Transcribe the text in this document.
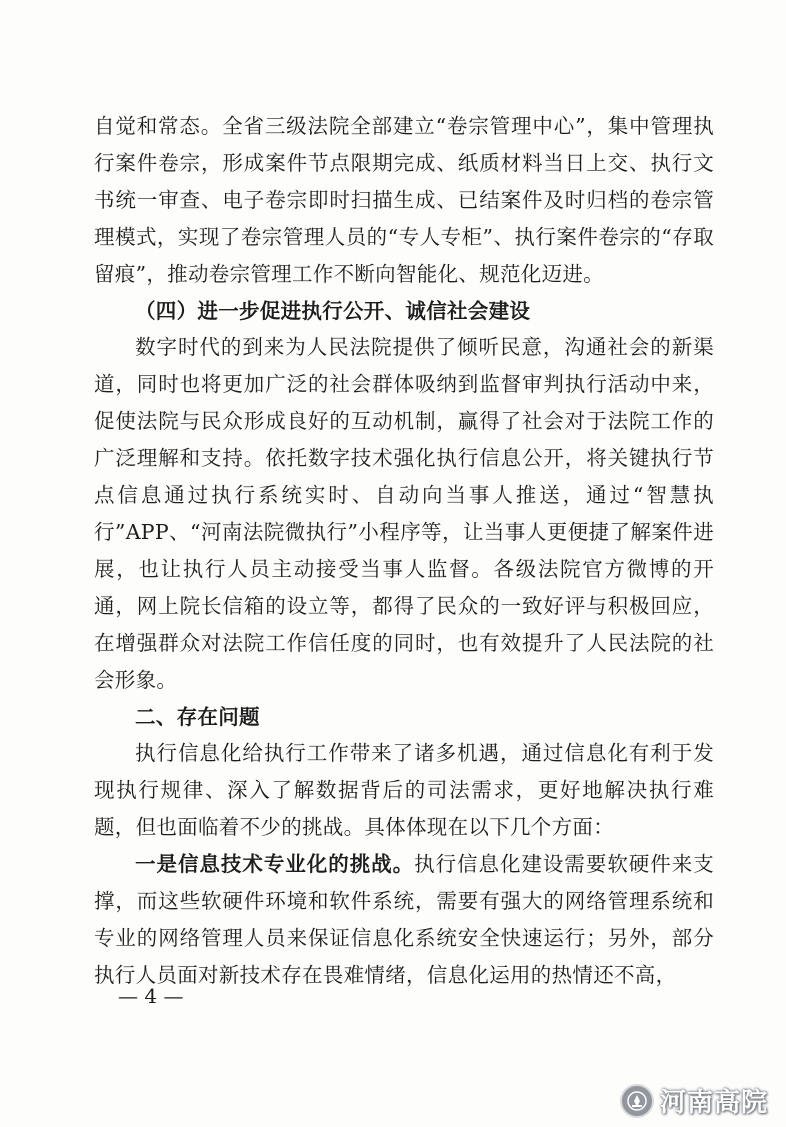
自觉和常态。全省三级法院全部建立“卷宗管理中心”，集中管理执行案件卷宗，形成案件节点限期完成、纸质材料当日上交、执行文书统一审查、电子卷宗即时扫描生成、已结案件及时归档的卷宗管理模式，实现了卷宗管理人员的“专人专柜”、执行案件卷宗的“存取留痕”，推动卷宗管理工作不断向智能化、规范化迈进。

（四）进一步促进执行公开、诚信社会建设

数字时代的到来为人民法院提供了倾听民意，沟通社会的新渠道，同时也将更加广泛的社会群体吸纳到监督审判执行活动中来，促使法院与民众形成良好的互动机制，赢得了社会对于法院工作的广泛理解和支持。依托数字技术强化执行信息公开，将关键执行节点信息通过执行系统实时、自动向当事人推送，通过“智慧执行”APP、“河南法院微执行”小程序等，让当事人更便捷了解案件进展，也让执行人员主动接受当事人监督。各级法院官方微博的开通，网上院长信箱的设立等，都得了民众的一致好评与积极回应，在增强群众对法院工作信任度的同时，也有效提升了人民法院的社会形象。

二、存在问题

执行信息化给执行工作带来了诸多机遇，通过信息化有利于发现执行规律、深入了解数据背后的司法需求，更好地解决执行难题，但也面临着不少的挑战。具体体现在以下几个方面：

一是信息技术专业化的挑战。执行信息化建设需要软硬件来支撑，而这些软硬件环境和软件系统，需要有强大的网络管理系统和专业的网络管理人员来保证信息化系统安全快速运行；另外，部分执行人员面对新技术存在畏难情绪，信息化运用的热情还不高，

— 4 —
河南高院
